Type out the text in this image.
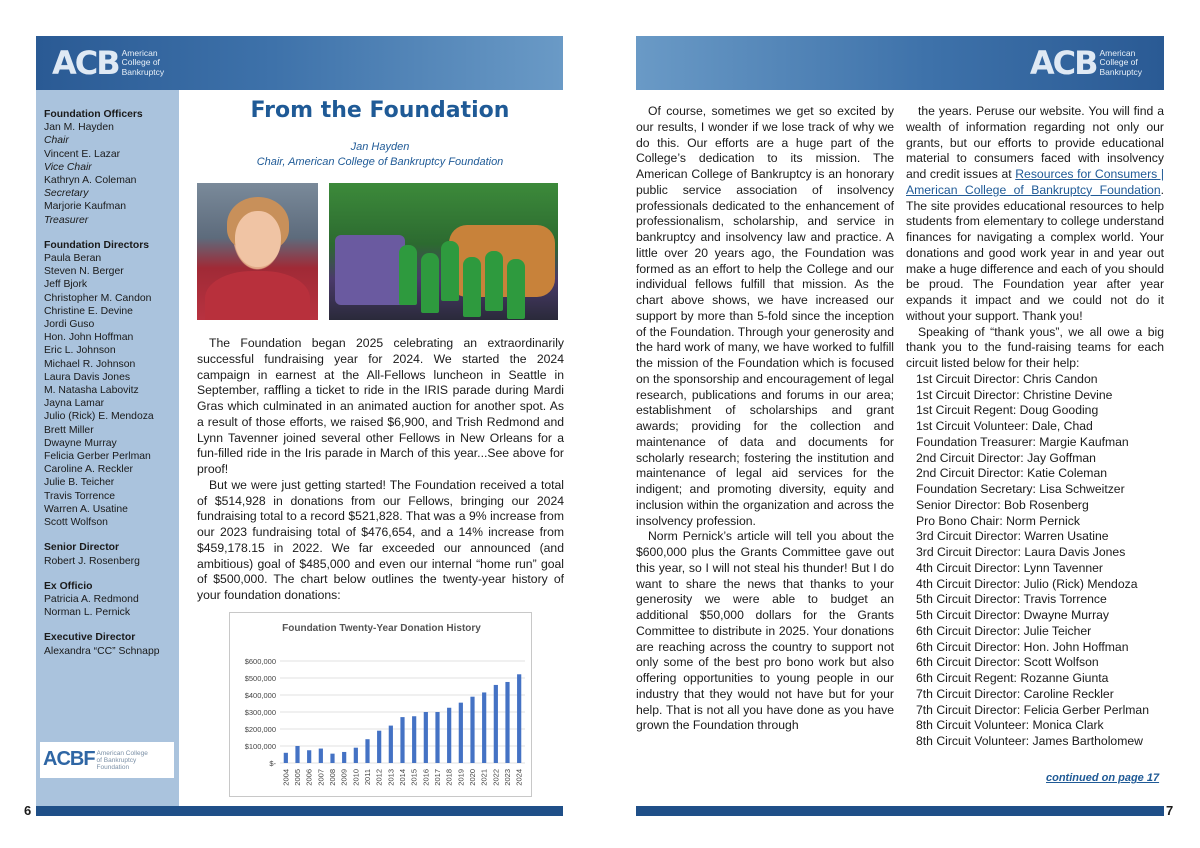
ACB American
College of
Bankruptcy	ACB American
College of
Bankruptcy
Foundation Officers
Jan M. Hayden
Chair
Vincent E. Lazar
Vice Chair
Kathryn A. Coleman
Secretary
Marjorie Kaufman
Treasurer
Foundation Directors
Paula Beran
Steven N. Berger
Jeff Bjork
Christopher M. Candon
Christine E. Devine
Jordi Guso
Hon. John Hoffman
Eric L. Johnson
Michael R. Johnson
Laura Davis Jones
M. Natasha Labovitz
Jayna Lamar
Julio (Rick) E. Mendoza
Brett Miller
Dwayne Murray
Felicia Gerber Perlman
Caroline A. Reckler
Julie B. Teicher
Travis Torrence
Warren A. Usatine
Scott Wolfson
Senior Director
Robert J. Rosenberg
Ex Officio
Patricia A. Redmond
Norman L. Pernick
Executive Director
Alexandra “CC” Schnapp
ACBF American College
of Bankruptcy
Foundation
From the Foundation
Jan Hayden
Chair, American College of Bankruptcy Foundation

The Foundation began 2025 celebrating an extraordinarily successful fundraising year for 2024. We started the 2024 campaign in earnest at the All-Fellows luncheon in Seattle in September, raffling a ticket to ride in the IRIS parade during Mardi Gras which culminated in an animated auction for another spot. As a result of those efforts, we raised $6,900, and Trish Redmond and Lynn Tavenner joined several other Fellows in New Orleans for a fun-filled ride in the Iris parade in March of this year...See above for proof!

But we were just getting started! The Foundation received a total of $514,928 in donations from our Fellows, bringing our 2024 fundraising total to a record $521,828. That was a 9% increase from our 2023 fundraising total of $476,654, and a 14% increase from $459,178.15 in 2022. We far exceeded our announced (and ambitious) goal of $485,000 and even our internal “home run” goal of $500,000. The chart below outlines the twenty-year history of your foundation donations:

Foundation Twenty-Year Donation History
$-
$100,000
$200,000
$300,000
$400,000
$500,000
$600,000
2004 2005 2006 2007 2008 2009 2010 2011 2012 2013 2014 2015 2016 2017 2018 2019 2020 2021 2022 2023 2024

Of course, sometimes we get so excited by our results, I wonder if we lose track of why we do this. Our efforts are a huge part of the College’s dedication to its mission. The American College of Bankruptcy is an honorary public service association of insolvency professionals dedicated to the enhancement of professionalism, scholarship, and service in bankruptcy and insolvency law and practice. A little over 20 years ago, the Foundation was formed as an effort to help the College and our individual fellows fulfill that mission. As the chart above shows, we have increased our support by more than 5-fold since the inception of the Foundation. Through your generosity and the hard work of many, we have worked to fulfill the mission of the Foundation which is focused on the sponsorship and encouragement of legal research, publications and forums in our area; establishment of scholarships and grant awards; providing for the collection and maintenance of data and documents for scholarly research; fostering the institution and maintenance of legal aid services for the indigent; and promoting diversity, equity and inclusion within the organization and across the insolvency profession.

Norm Pernick’s article will tell you about the $600,000 plus the Grants Committee gave out this year, so I will not steal his thunder! But I do want to share the news that thanks to your generosity we were able to budget an additional $50,000 dollars for the Grants Committee to distribute in 2025. Your donations are reaching across the country to support not only some of the best pro bono work but also offering opportunities to young people in our industry that they would not have but for your help. That is not all you have done as you have grown the Foundation through

the years. Peruse our website. You will find a wealth of information regarding not only our grants, but our efforts to provide educational material to consumers faced with insolvency and credit issues at Resources for Consumers | American College of Bankruptcy Foundation. The site provides educational resources to help students from elementary to college understand finances for navigating a complex world. Your donations and good work year in and year out make a huge difference and each of you should be proud. The Foundation year after year expands it impact and we could not do it without your support. Thank you!

Speaking of “thank yous”, we all owe a big thank you to the fund-raising teams for each circuit listed below for their help:

1st Circuit Director: Chris Candon
1st Circuit Director: Christine Devine
1st Circuit Regent: Doug Gooding
1st Circuit Volunteer: Dale, Chad
Foundation Treasurer: Margie Kaufman
2nd Circuit Director: Jay Goffman
2nd Circuit Director: Katie Coleman
Foundation Secretary: Lisa Schweitzer
Senior Director: Bob Rosenberg
Pro Bono Chair: Norm Pernick
3rd Circuit Director: Warren Usatine
3rd Circuit Director: Laura Davis Jones
4th Circuit Director: Lynn Tavenner
4th Circuit Director: Julio (Rick) Mendoza
5th Circuit Director: Travis Torrence
5th Circuit Director: Dwayne Murray
6th Circuit Director: Julie Teicher
6th Circuit Director: Hon. John Hoffman
6th Circuit Director: Scott Wolfson
6th Circuit Regent: Rozanne Giunta
7th Circuit Director: Caroline Reckler
7th Circuit Director: Felicia Gerber Perlman
8th Circuit Volunteer: Monica Clark
8th Circuit Volunteer: James Bartholomew
continued on page 17
6	7
